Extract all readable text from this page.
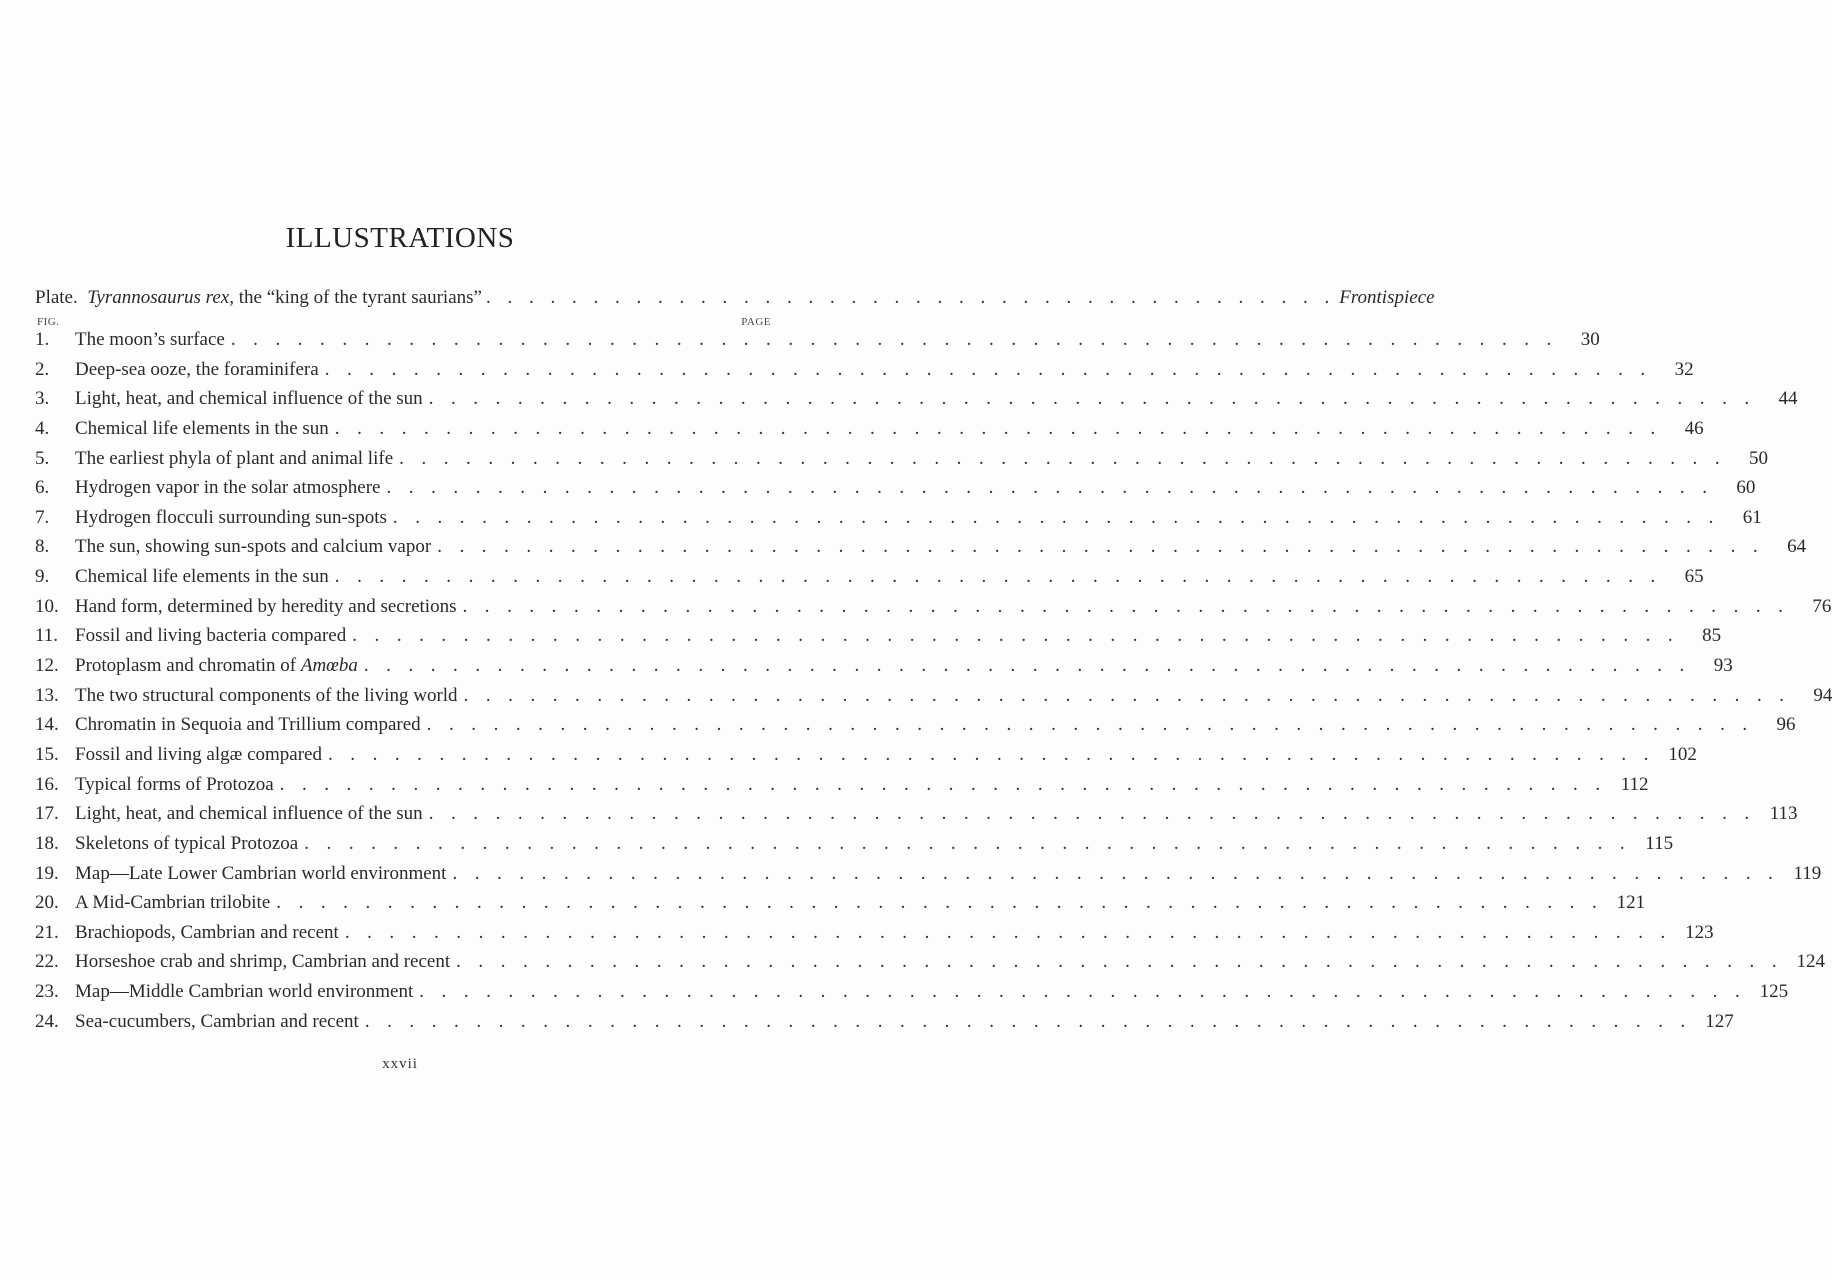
ILLUSTRATIONS
Plate. Tyrannosaurus rex, the “king of the tyrant saurians” . . . . . . . . . . . . . . . . . . . . . . . . . . . . . . . . . . . . . . . . Frontispiece
FIG.	PAGE
1.	The moon’s surface . . . . . . . . . . . . . . . . . . . . . . . . . . . . . . . . . . . . . . . . . . . . . . . . . . . . . . . . . . . .	30
2.	Deep-sea ooze, the foraminifera . . . . . . . . . . . . . . . . . . . . . . . . . . . . . . . . . . . . . . . . . . . . . . . . . . . . . . . . . . . .	32
3.	Light, heat, and chemical influence of the sun . . . . . . . . . . . . . . . . . . . . . . . . . . . . . . . . . . . . . . . . . . . . . . . . . . . . . . . . . . . .	44
4.	Chemical life elements in the sun . . . . . . . . . . . . . . . . . . . . . . . . . . . . . . . . . . . . . . . . . . . . . . . . . . . . . . . . . . . .	46
5.	The earliest phyla of plant and animal life . . . . . . . . . . . . . . . . . . . . . . . . . . . . . . . . . . . . . . . . . . . . . . . . . . . . . . . . . . . .	50
6.	Hydrogen vapor in the solar atmosphere . . . . . . . . . . . . . . . . . . . . . . . . . . . . . . . . . . . . . . . . . . . . . . . . . . . . . . . . . . . .	60
7.	Hydrogen flocculi surrounding sun-spots . . . . . . . . . . . . . . . . . . . . . . . . . . . . . . . . . . . . . . . . . . . . . . . . . . . . . . . . . . . .	61
8.	The sun, showing sun-spots and calcium vapor . . . . . . . . . . . . . . . . . . . . . . . . . . . . . . . . . . . . . . . . . . . . . . . . . . . . . . . . . . . .	64
9.	Chemical life elements in the sun . . . . . . . . . . . . . . . . . . . . . . . . . . . . . . . . . . . . . . . . . . . . . . . . . . . . . . . . . . . .	65
10. Hand form, determined by heredity and secretions . . . . . . . . . . . . . . . . . . . . . . . . . . . . . . . . . . . . . . . . . . . . . . . . . . . . . . . . . . . .	76
11. Fossil and living bacteria compared . . . . . . . . . . . . . . . . . . . . . . . . . . . . . . . . . . . . . . . . . . . . . . . . . . . . . . . . . . . .	85
12. Protoplasm and chromatin of Amœba . . . . . . . . . . . . . . . . . . . . . . . . . . . . . . . . . . . . . . . . . . . . . . . . . . . . . . . . . . . .	93
13. The two structural components of the living world . . . . . . . . . . . . . . . . . . . . . . . . . . . . . . . . . . . . . . . . . . . . . . . . . . . . . . . . . . . .	94
14. Chromatin in Sequoia and Trillium compared . . . . . . . . . . . . . . . . . . . . . . . . . . . . . . . . . . . . . . . . . . . . . . . . . . . . . . . . . . . .	96
15. Fossil and living algæ compared . . . . . . . . . . . . . . . . . . . . . . . . . . . . . . . . . . . . . . . . . . . . . . . . . . . . . . . . . . . . 102
16. Typical forms of Protozoa . . . . . . . . . . . . . . . . . . . . . . . . . . . . . . . . . . . . . . . . . . . . . . . . . . . . . . . . . . . . 112
17. Light, heat, and chemical influence of the sun . . . . . . . . . . . . . . . . . . . . . . . . . . . . . . . . . . . . . . . . . . . . . . . . . . . . . . . . . . . . 113
18. Skeletons of typical Protozoa . . . . . . . . . . . . . . . . . . . . . . . . . . . . . . . . . . . . . . . . . . . . . . . . . . . . . . . . . . . . 115
19. Map—Late Lower Cambrian world environment . . . . . . . . . . . . . . . . . . . . . . . . . . . . . . . . . . . . . . . . . . . . . . . . . . . . . . . . . . . . 119
20. A Mid-Cambrian trilobite . . . . . . . . . . . . . . . . . . . . . . . . . . . . . . . . . . . . . . . . . . . . . . . . . . . . . . . . . . . . 121
21. Brachiopods, Cambrian and recent . . . . . . . . . . . . . . . . . . . . . . . . . . . . . . . . . . . . . . . . . . . . . . . . . . . . . . . . . . . . 123
22. Horseshoe crab and shrimp, Cambrian and recent . . . . . . . . . . . . . . . . . . . . . . . . . . . . . . . . . . . . . . . . . . . . . . . . . . . . . . . . . . . . 124
23. Map—Middle Cambrian world environment . . . . . . . . . . . . . . . . . . . . . . . . . . . . . . . . . . . . . . . . . . . . . . . . . . . . . . . . . . . . 125
24. Sea-cucumbers, Cambrian and recent . . . . . . . . . . . . . . . . . . . . . . . . . . . . . . . . . . . . . . . . . . . . . . . . . . . . . . . . . . . . 127
xxvii
